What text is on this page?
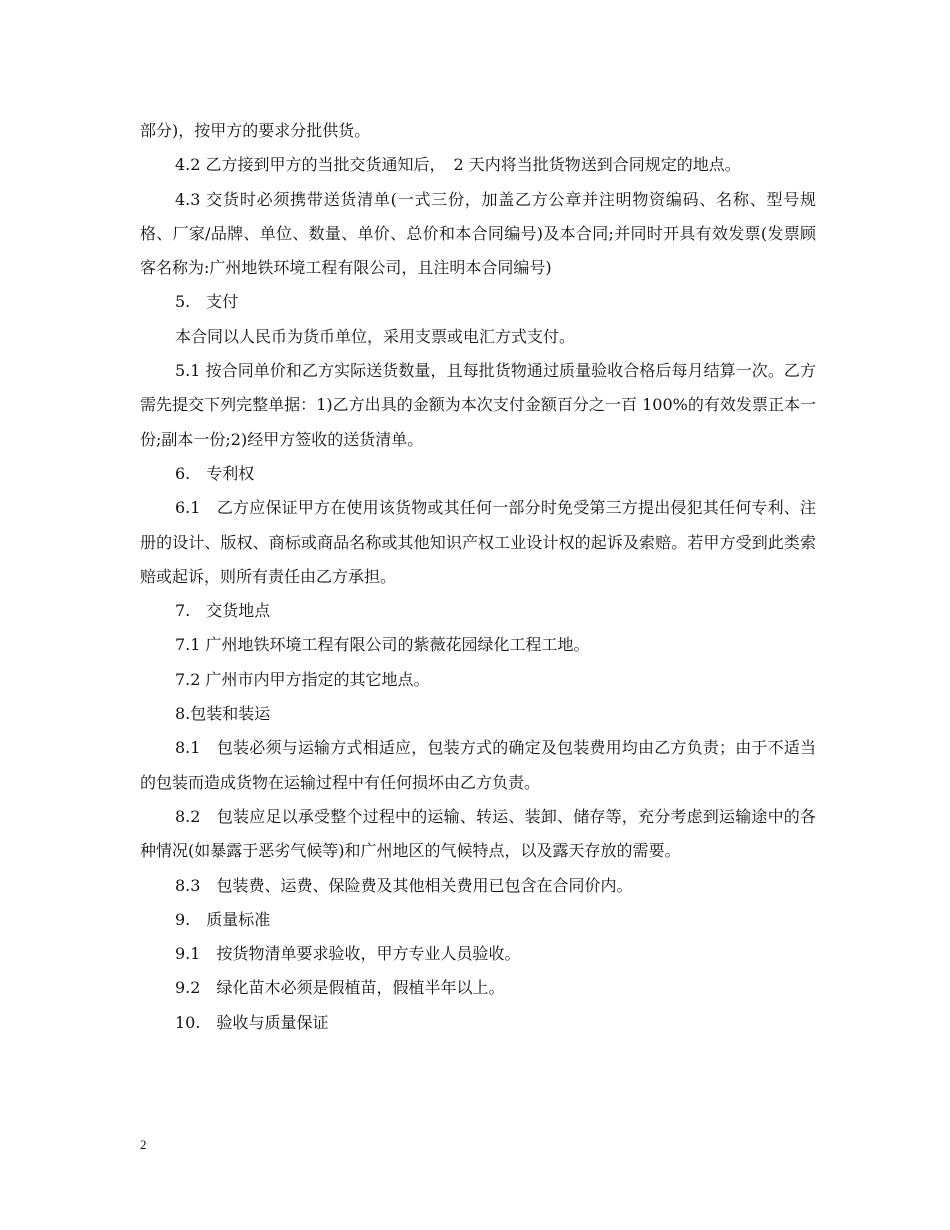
部分)，按甲方的要求分批供货。

4.2 乙方接到甲方的当批交货通知后，　2 天内将当批货物送到合同规定的地点。

4.3 交货时必须携带送货清单(一式三份，加盖乙方公章并注明物资编码、名称、型号规格、厂家/品牌、单位、数量、单价、总价和本合同编号)及本合同;并同时开具有效发票(发票顾客名称为:广州地铁环境工程有限公司，且注明本合同编号)

5.　支付

本合同以人民币为货币单位，采用支票或电汇方式支付。

5.1 按合同单价和乙方实际送货数量，且每批货物通过质量验收合格后每月结算一次。乙方需先提交下列完整单据：1)乙方出具的金额为本次支付金额百分之一百 100%的有效发票正本一份;副本一份;2)经甲方签收的送货清单。

6.　专利权

6.1　乙方应保证甲方在使用该货物或其任何一部分时免受第三方提出侵犯其任何专利、注册的设计、版权、商标或商品名称或其他知识产权工业设计权的起诉及索赔。若甲方受到此类索赔或起诉，则所有责任由乙方承担。

7.　交货地点

7.1 广州地铁环境工程有限公司的紫薇花园绿化工程工地。

7.2 广州市内甲方指定的其它地点。

8.包装和装运

8.1　包装必须与运输方式相适应，包装方式的确定及包装费用均由乙方负责；由于不适当的包装而造成货物在运输过程中有任何损坏由乙方负责。

8.2　包装应足以承受整个过程中的运输、转运、装卸、储存等，充分考虑到运输途中的各种情况(如暴露于恶劣气候等)和广州地区的气候特点，以及露天存放的需要。

8.3　包装费、运费、保险费及其他相关费用已包含在合同价内。

9.　质量标准

9.1　按货物清单要求验收，甲方专业人员验收。

9.2　绿化苗木必须是假植苗，假植半年以上。

10.　验收与质量保证

2
